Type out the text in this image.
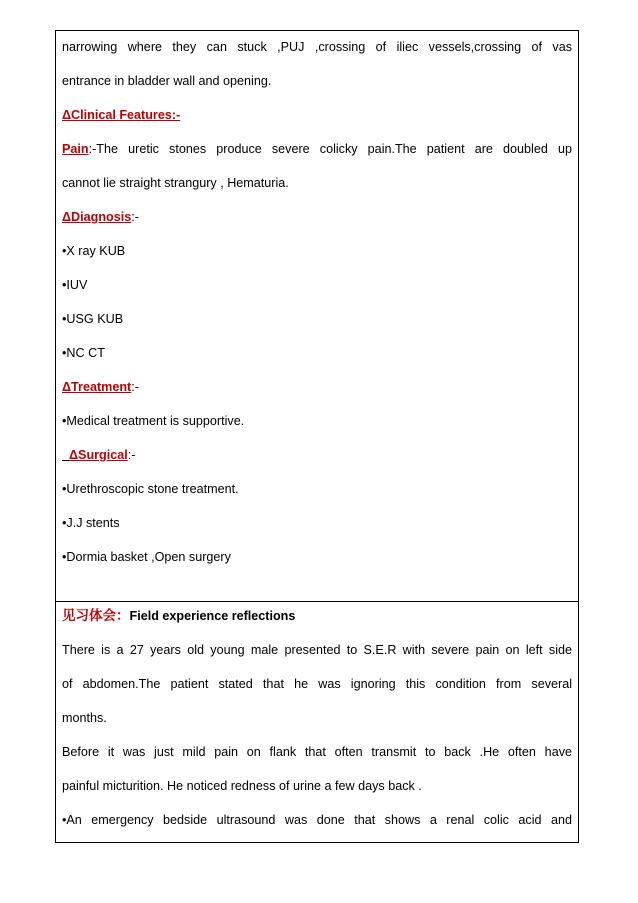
narrowing where they can stuck ,PUJ ,crossing of iliec vessels,crossing of vas

entrance in bladder wall and opening.

ΔClinical Features:-

Pain:-The uretic stones produce severe colicky pain.The patient are doubled up

cannot lie straight strangury , Hematuria.

ΔDiagnosis:-

•X ray KUB

•IUV

•USG KUB

•NC CT

ΔTreatment:-

•Medical treatment is supportive.

ΔSurgical:-

•Urethroscopic stone treatment.

•J.J stents

•Dormia basket ,Open surgery

见习体会：Field experience reflections

There is a 27 years old young male presented to S.E.R with severe pain on left side

of abdomen.The patient stated that he was ignoring this condition from several

months.

Before it was just mild pain on flank that often transmit to back .He often have

painful micturition. He noticed redness of urine a few days back .

•An emergency bedside ultrasound was done that shows a renal colic acid and
